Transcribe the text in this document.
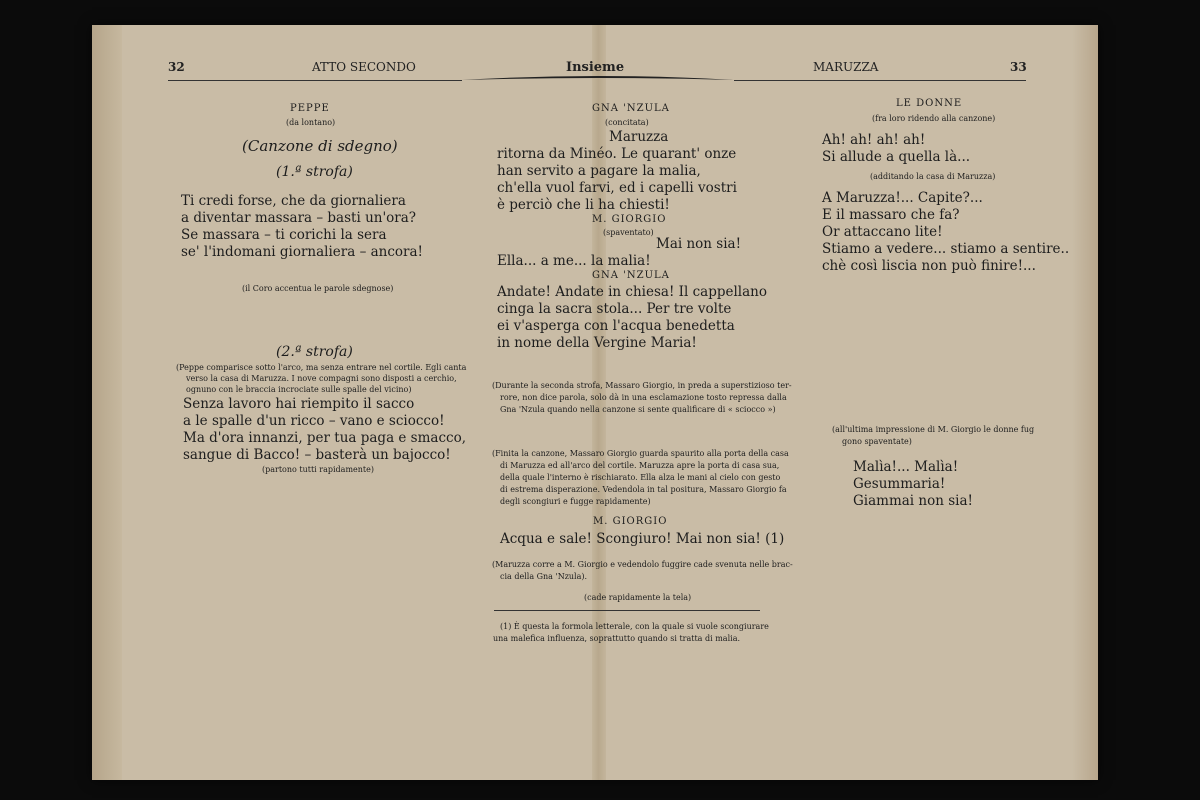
32	ATTO SECONDO	Insieme	MARUZZA	33
PEPPE
(da lontano)
(Canzone di sdegno)
(1.ª strofa)
Ti credi forse, che da giornaliera
a diventar massara – basti un'ora?
Se massara – ti corichi la sera
se' l'indomani giornaliera – ancora!
(il Coro accentua le parole sdegnose)
(2.ª strofa)
(Peppe comparisce sotto l'arco, ma senza entrare nel cortile. Egli canta
verso la casa di Maruzza. I nove compagni sono disposti a cerchio,
ognuno con le braccia incrociate sulle spalle del vicino)
Senza lavoro hai riempito il sacco
a le spalle d'un ricco – vano e sciocco!
Ma d'ora innanzi, per tua paga e smacco,
sangue di Bacco! – basterà un bajocco!
(partono tutti rapidamente)
GNA 'NZULA
(concitata)
Maruzza
ritorna da Minéo. Le quarant' onze
han servito a pagare la malia,
ch'ella vuol farvi, ed i capelli vostri
è perciò che li ha chiesti!
M. GIORGIO
(spaventato)
Mai non sia!
Ella... a me... la malia!
GNA 'NZULA
Andate! Andate in chiesa! Il cappellano
cinga la sacra stola... Per tre volte
ei v'asperga con l'acqua benedetta
in nome della Vergine Maria!
(Durante la seconda strofa, Massaro Giorgio, in preda a superstizioso ter-
rore, non dice parola, solo dà in una esclamazione tosto repressa dalla
Gna 'Nzula quando nella canzone si sente qualificare di « sciocco »)
(Finita la canzone, Massaro Giorgio guarda spaurito alla porta della casa
di Maruzza ed all'arco del cortile. Maruzza apre la porta di casa sua,
della quale l'interno è rischiarato. Ella alza le mani al cielo con gesto
di estrema disperazione. Vedendola in tal positura, Massaro Giorgio fa
degli scongiuri e fugge rapidamente)
M. GIORGIO
Acqua e sale! Scongiuro! Mai non sia! (1)
(Maruzza corre a M. Giorgio e vedendolo fuggire cade svenuta nelle brac-
cia della Gna 'Nzula).
(cade rapidamente la tela)
(1) È questa la formola letterale, con la quale si vuole scongiurare
una malefica influenza, soprattutto quando si tratta di malia.
LE DONNE
(fra loro ridendo alla canzone)
Ah! ah! ah! ah!
Si allude a quella là...
(additando la casa di Maruzza)
A Maruzza!... Capite?...
E il massaro che fa?
Or attaccano lite!
Stiamo a vedere... stiamo a sentire..
chè così liscia non può finire!...
(all'ultima impressione di M. Giorgio le donne fug
gono spaventate)
Malìa!... Malìa!
Gesummaria!
Giammai non sia!
